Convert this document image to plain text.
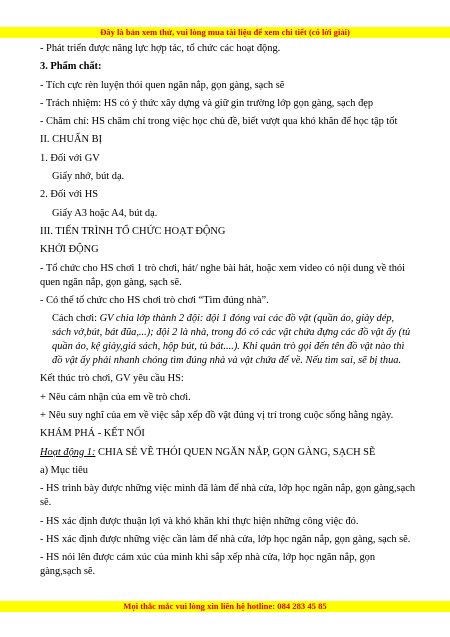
Đây là bản xem thử, vui lòng mua tài liệu để xem chi tiết (có lời giải)

- Phát triển được năng lực hợp tác, tổ chức các hoạt động.

3. Phẩm chất:

- Tích cực rèn luyện thói quen ngăn nắp, gọn gàng, sạch sẽ

- Trách nhiệm: HS có ý thức xây dựng và giữ gìn trường lớp gọn gàng, sạch đẹp

- Chăm chỉ: HS chăm chỉ trong việc học chủ đề, biết vượt qua khó khăn để học tập tốt

II. CHUẨN BỊ

1. Đối với GV

Giấy nhớ, bút dạ.

2. Đối với HS

Giấy A3 hoặc A4, bút dạ.

III. TIẾN TRÌNH TỔ CHỨC HOẠT ĐỘNG

KHỞI ĐỘNG

- Tổ chức cho HS chơi 1 trò chơi, hát/ nghe bài hát, hoặc xem video có nội dung về thói quen ngăn nắp, gọn gàng, sạch sẽ.

- Có thể tổ chức cho HS chơi trò chơi “Tìm đúng nhà”.

Cách chơi: GV chia lớp thành 2 đội: đội 1 đóng vai các đồ vật (quần áo, giày dép, sách vở,bút, bát đũa,...); đội 2 là nhà, trong đó có các vật chứa đựng các đồ vật ấy (tủ quần áo, kệ giày,giá sách, hộp bút, tủ bát....). Khi quản trò gọi đến tên đồ vật nào thì đồ vật ấy phải nhanh chóng tìm đúng nhà và vật chứa để về. Nếu tìm sai, sẽ bị thua.

Kết thúc trò chơi, GV yêu cầu HS:

+ Nêu cảm nhận của em về trò chơi.

+ Nêu suy nghĩ của em về việc sắp xếp đồ vật đúng vị trí trong cuộc sống hằng ngày.

KHÁM PHÁ - KẾT NỐI

Hoạt động 1: CHIA SẺ VỀ THÓI QUEN NGĂN NẮP, GỌN GÀNG, SẠCH SẼ

a) Mục tiêu

- HS trình bày được những việc mình đã làm để nhà cửa, lớp học ngăn nắp, gọn gàng,sạch sẽ.

- HS xác định được thuận lợi và khó khăn khi thực hiện những công việc đó.

- HS xác định được những việc cần làm để nhà cửa, lớp học ngăn nắp, gọn gàng, sạch sẽ.

- HS nói lên được cảm xúc của mình khi sắp xếp nhà cửa, lớp học ngăn nắp, gọn gàng,sạch sẽ.

Mọi thắc mắc vui lòng xin liên hệ hotline: 084 283 45 85
